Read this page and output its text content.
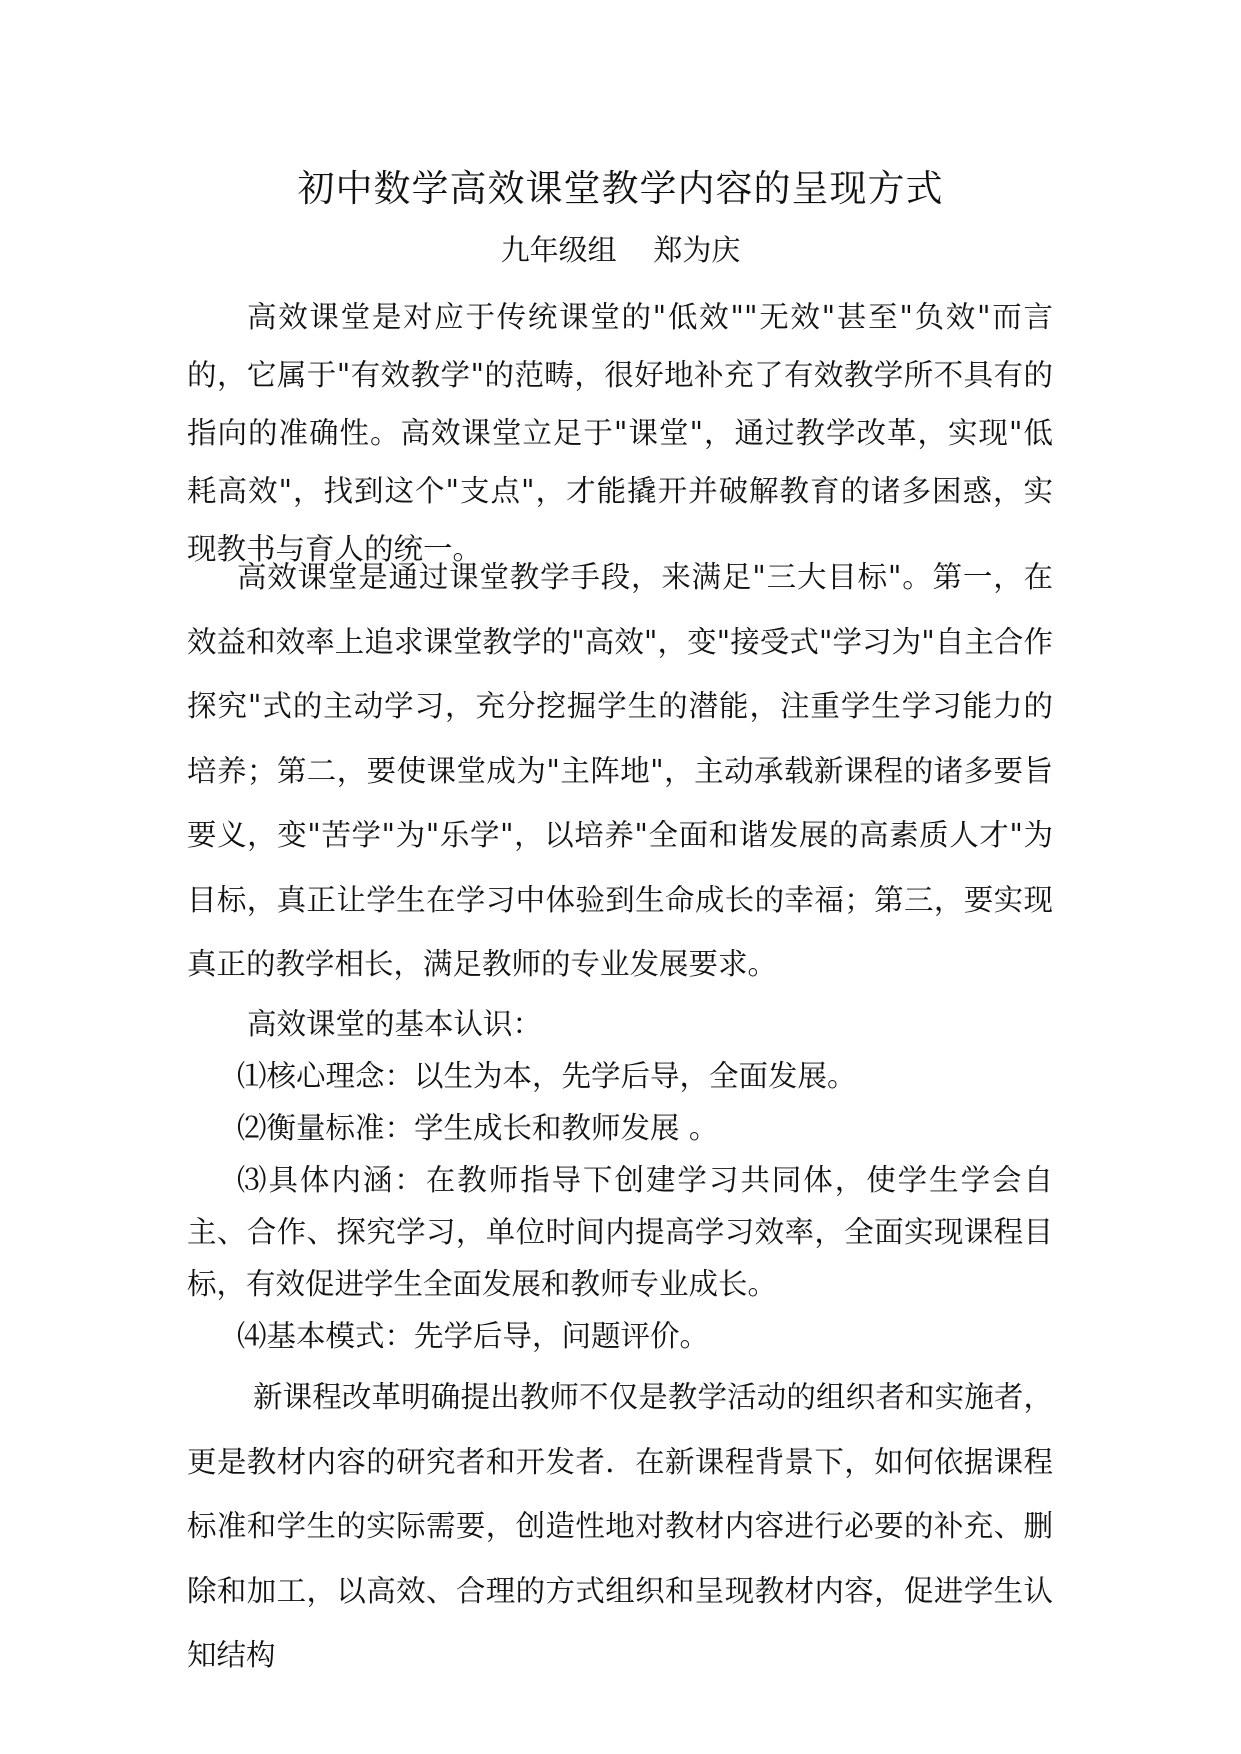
初中数学高效课堂教学内容的呈现方式
九年级组    郑为庆

高效课堂是对应于传统课堂的"低效""无效"甚至"负效"而言的，它属于"有效教学"的范畴，很好地补充了有效教学所不具有的指向的准确性。高效课堂立足于"课堂"，通过教学改革，实现"低耗高效"，找到这个"支点"，才能撬开并破解教育的诸多困惑，实现教书与育人的统一。

高效课堂是通过课堂教学手段，来满足"三大目标"。第一，在效益和效率上追求课堂教学的"高效"，变"接受式"学习为"自主合作探究"式的主动学习，充分挖掘学生的潜能，注重学生学习能力的培养；第二，要使课堂成为"主阵地"，主动承载新课程的诸多要旨要义，变"苦学"为"乐学"，以培养"全面和谐发展的高素质人才"为目标，真正让学生在学习中体验到生命成长的幸福；第三，要实现真正的教学相长，满足教师的专业发展要求。

高效课堂的基本认识：

⑴核心理念：以生为本，先学后导，全面发展。
⑵衡量标准：学生成长和教师发展 。
⑶具体内涵：在教师指导下创建学习共同体，使学生学会自主、合作、探究学习，单位时间内提高学习效率，全面实现课程目标，有效促进学生全面发展和教师专业成长。
⑷基本模式：先学后导，问题评价。

新课程改革明确提出教师不仅是教学活动的组织者和实施者，更是教材内容的研究者和开发者．在新课程背景下，如何依据课程标准和学生的实际需要，创造性地对教材内容进行必要的补充、删除和加工，以高效、合理的方式组织和呈现教材内容，促进学生认知结构
